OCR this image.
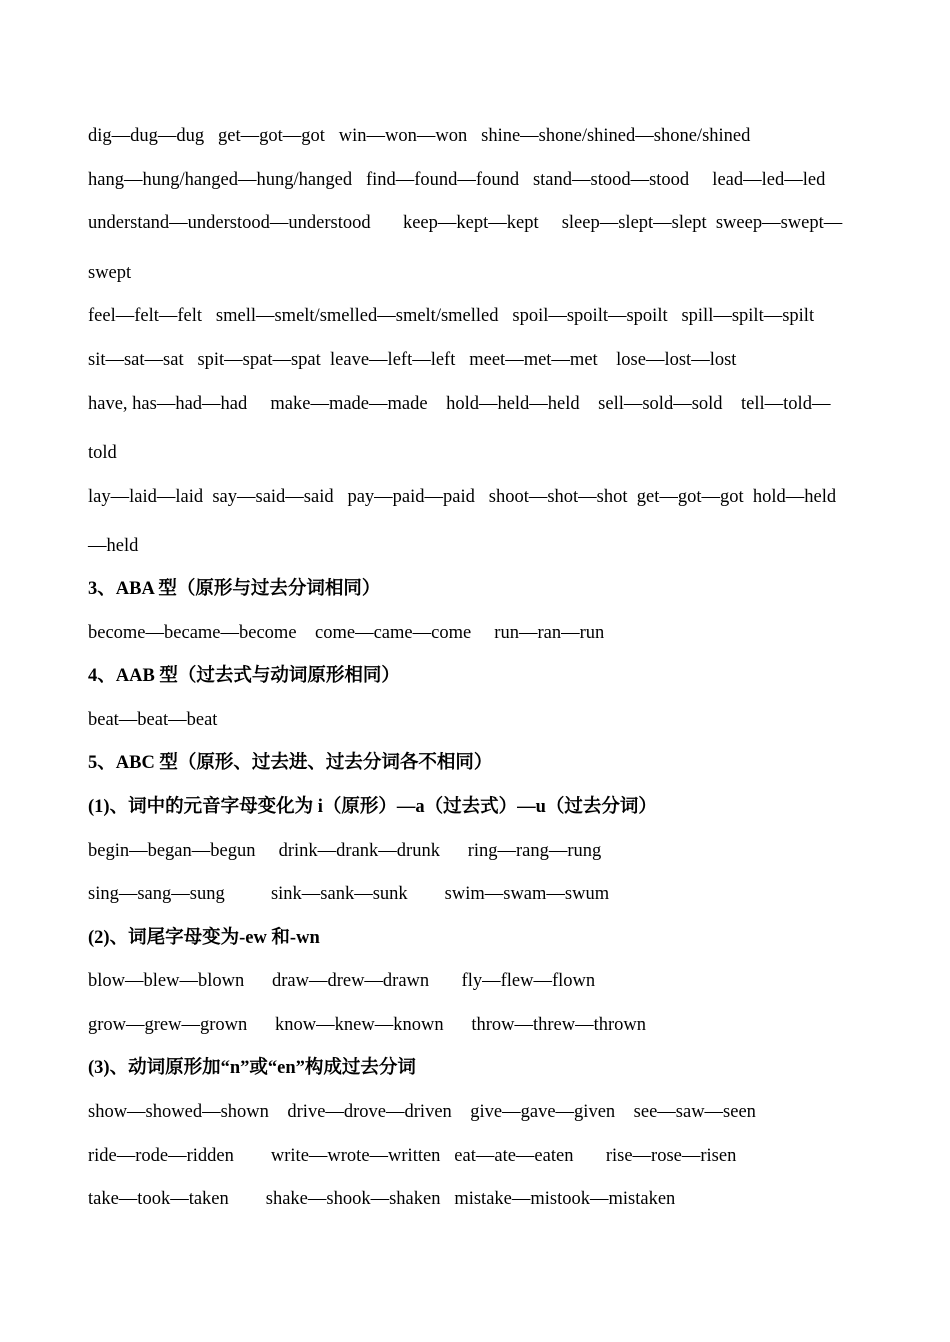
dig—dug—dug   get—got—got   win—won—won   shine—shone/shined—shone/shined
hang—hung/hanged—hung/hanged   find—found—found   stand—stood—stood     lead—led—led
understand—understood—understood       keep—kept—kept     sleep—slept—slept  sweep—swept—
swept
feel—felt—felt   smell—smelt/smelled—smelt/smelled   spoil—spoilt—spoilt   spill—spilt—spilt
sit—sat—sat   spit—spat—spat  leave—left—left   meet—met—met    lose—lost—lost
have, has—had—had     make—made—made    hold—held—held    sell—sold—sold    tell—told—
told
lay—laid—laid  say—said—said   pay—paid—paid   shoot—shot—shot  get—got—got  hold—held
—held
3、ABA 型（原形与过去分词相同）
become—became—become    come—came—come     run—ran—run
4、AAB 型（过去式与动词原形相同）
beat—beat—beat
5、ABC 型（原形、过去进、过去分词各不相同）
(1)、词中的元音字母变化为 i（原形）—a（过去式）—u（过去分词）
begin—began—begun     drink—drank—drunk      ring—rang—rung
sing—sang—sung          sink—sank—sunk        swim—swam—swum
(2)、词尾字母变为-ew 和-wn
blow—blew—blown      draw—drew—drawn       fly—flew—flown
grow—grew—grown      know—knew—known      throw—threw—thrown
(3)、动词原形加“n”或“en”构成过去分词
show—showed—shown    drive—drove—driven    give—gave—given    see—saw—seen
ride—rode—ridden        write—wrote—written   eat—ate—eaten       rise—rose—risen
take—took—taken        shake—shook—shaken   mistake—mistook—mistaken
